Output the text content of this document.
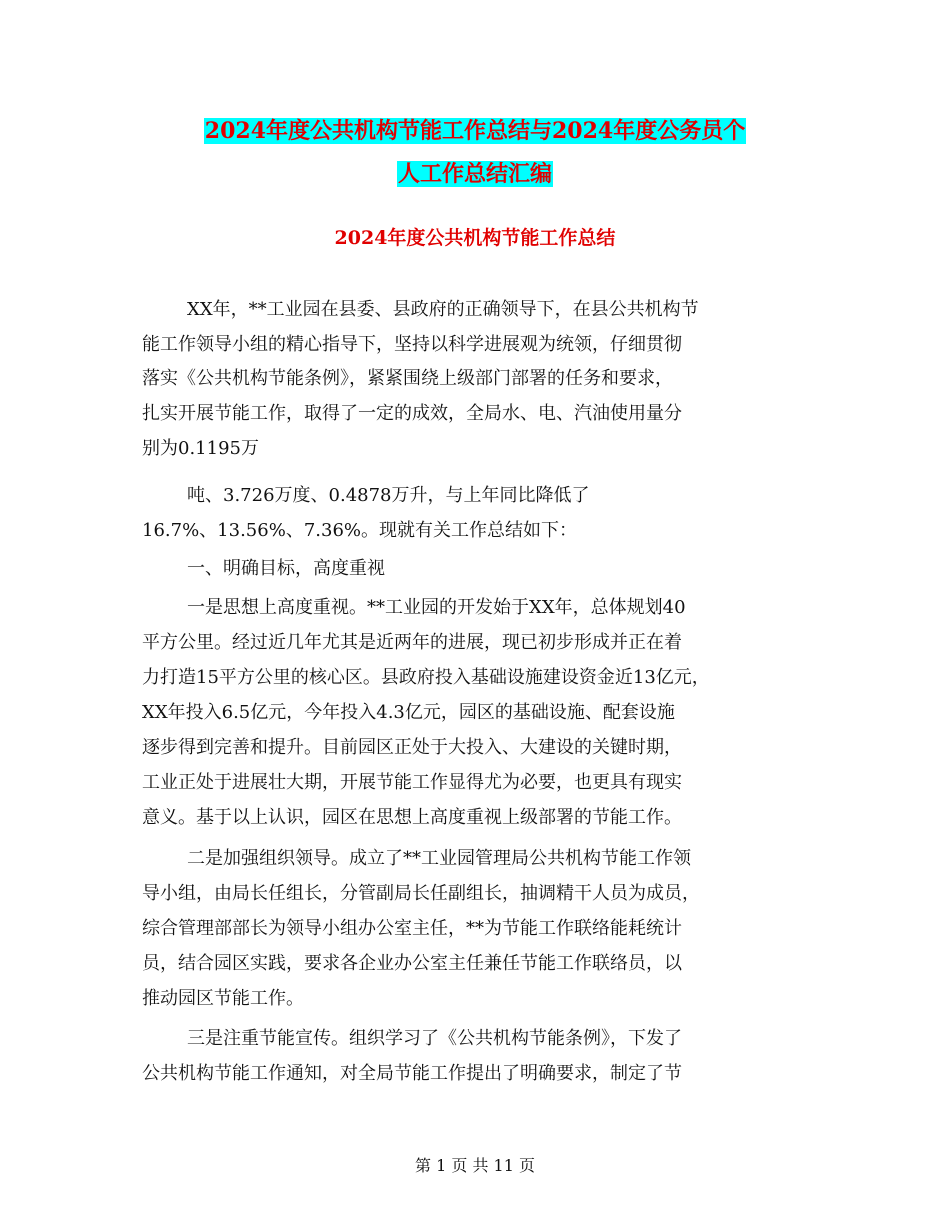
2024年度公共机构节能工作总结与2024年度公务员个
人工作总结汇编
2024年度公共机构节能工作总结
XX年，**工业园在县委、县政府的正确领导下，在县公共机构节
能工作领导小组的精心指导下，坚持以科学进展观为统领，仔细贯彻
落实《公共机构节能条例》，紧紧围绕上级部门部署的任务和要求，
扎实开展节能工作，取得了一定的成效，全局水、电、汽油使用量分
别为0.1195万
吨、3.726万度、0.4878万升，与上年同比降低了
16.7%、13.56%、7.36%。现就有关工作总结如下：
一、明确目标，高度重视
一是思想上高度重视。**工业园的开发始于XX年，总体规划40
平方公里。经过近几年尤其是近两年的进展，现已初步形成并正在着
力打造15平方公里的核心区。县政府投入基础设施建设资金近13亿元，
XX年投入6.5亿元，今年投入4.3亿元，园区的基础设施、配套设施
逐步得到完善和提升。目前园区正处于大投入、大建设的关键时期，
工业正处于进展壮大期，开展节能工作显得尤为必要，也更具有现实
意义。基于以上认识，园区在思想上高度重视上级部署的节能工作。
二是加强组织领导。成立了**工业园管理局公共机构节能工作领
导小组，由局长任组长，分管副局长任副组长，抽调精干人员为成员，
综合管理部部长为领导小组办公室主任，**为节能工作联络能耗统计
员，结合园区实践，要求各企业办公室主任兼任节能工作联络员，以
推动园区节能工作。
三是注重节能宣传。组织学习了《公共机构节能条例》，下发了
公共机构节能工作通知，对全局节能工作提出了明确要求，制定了节
第 1 页 共 11 页
